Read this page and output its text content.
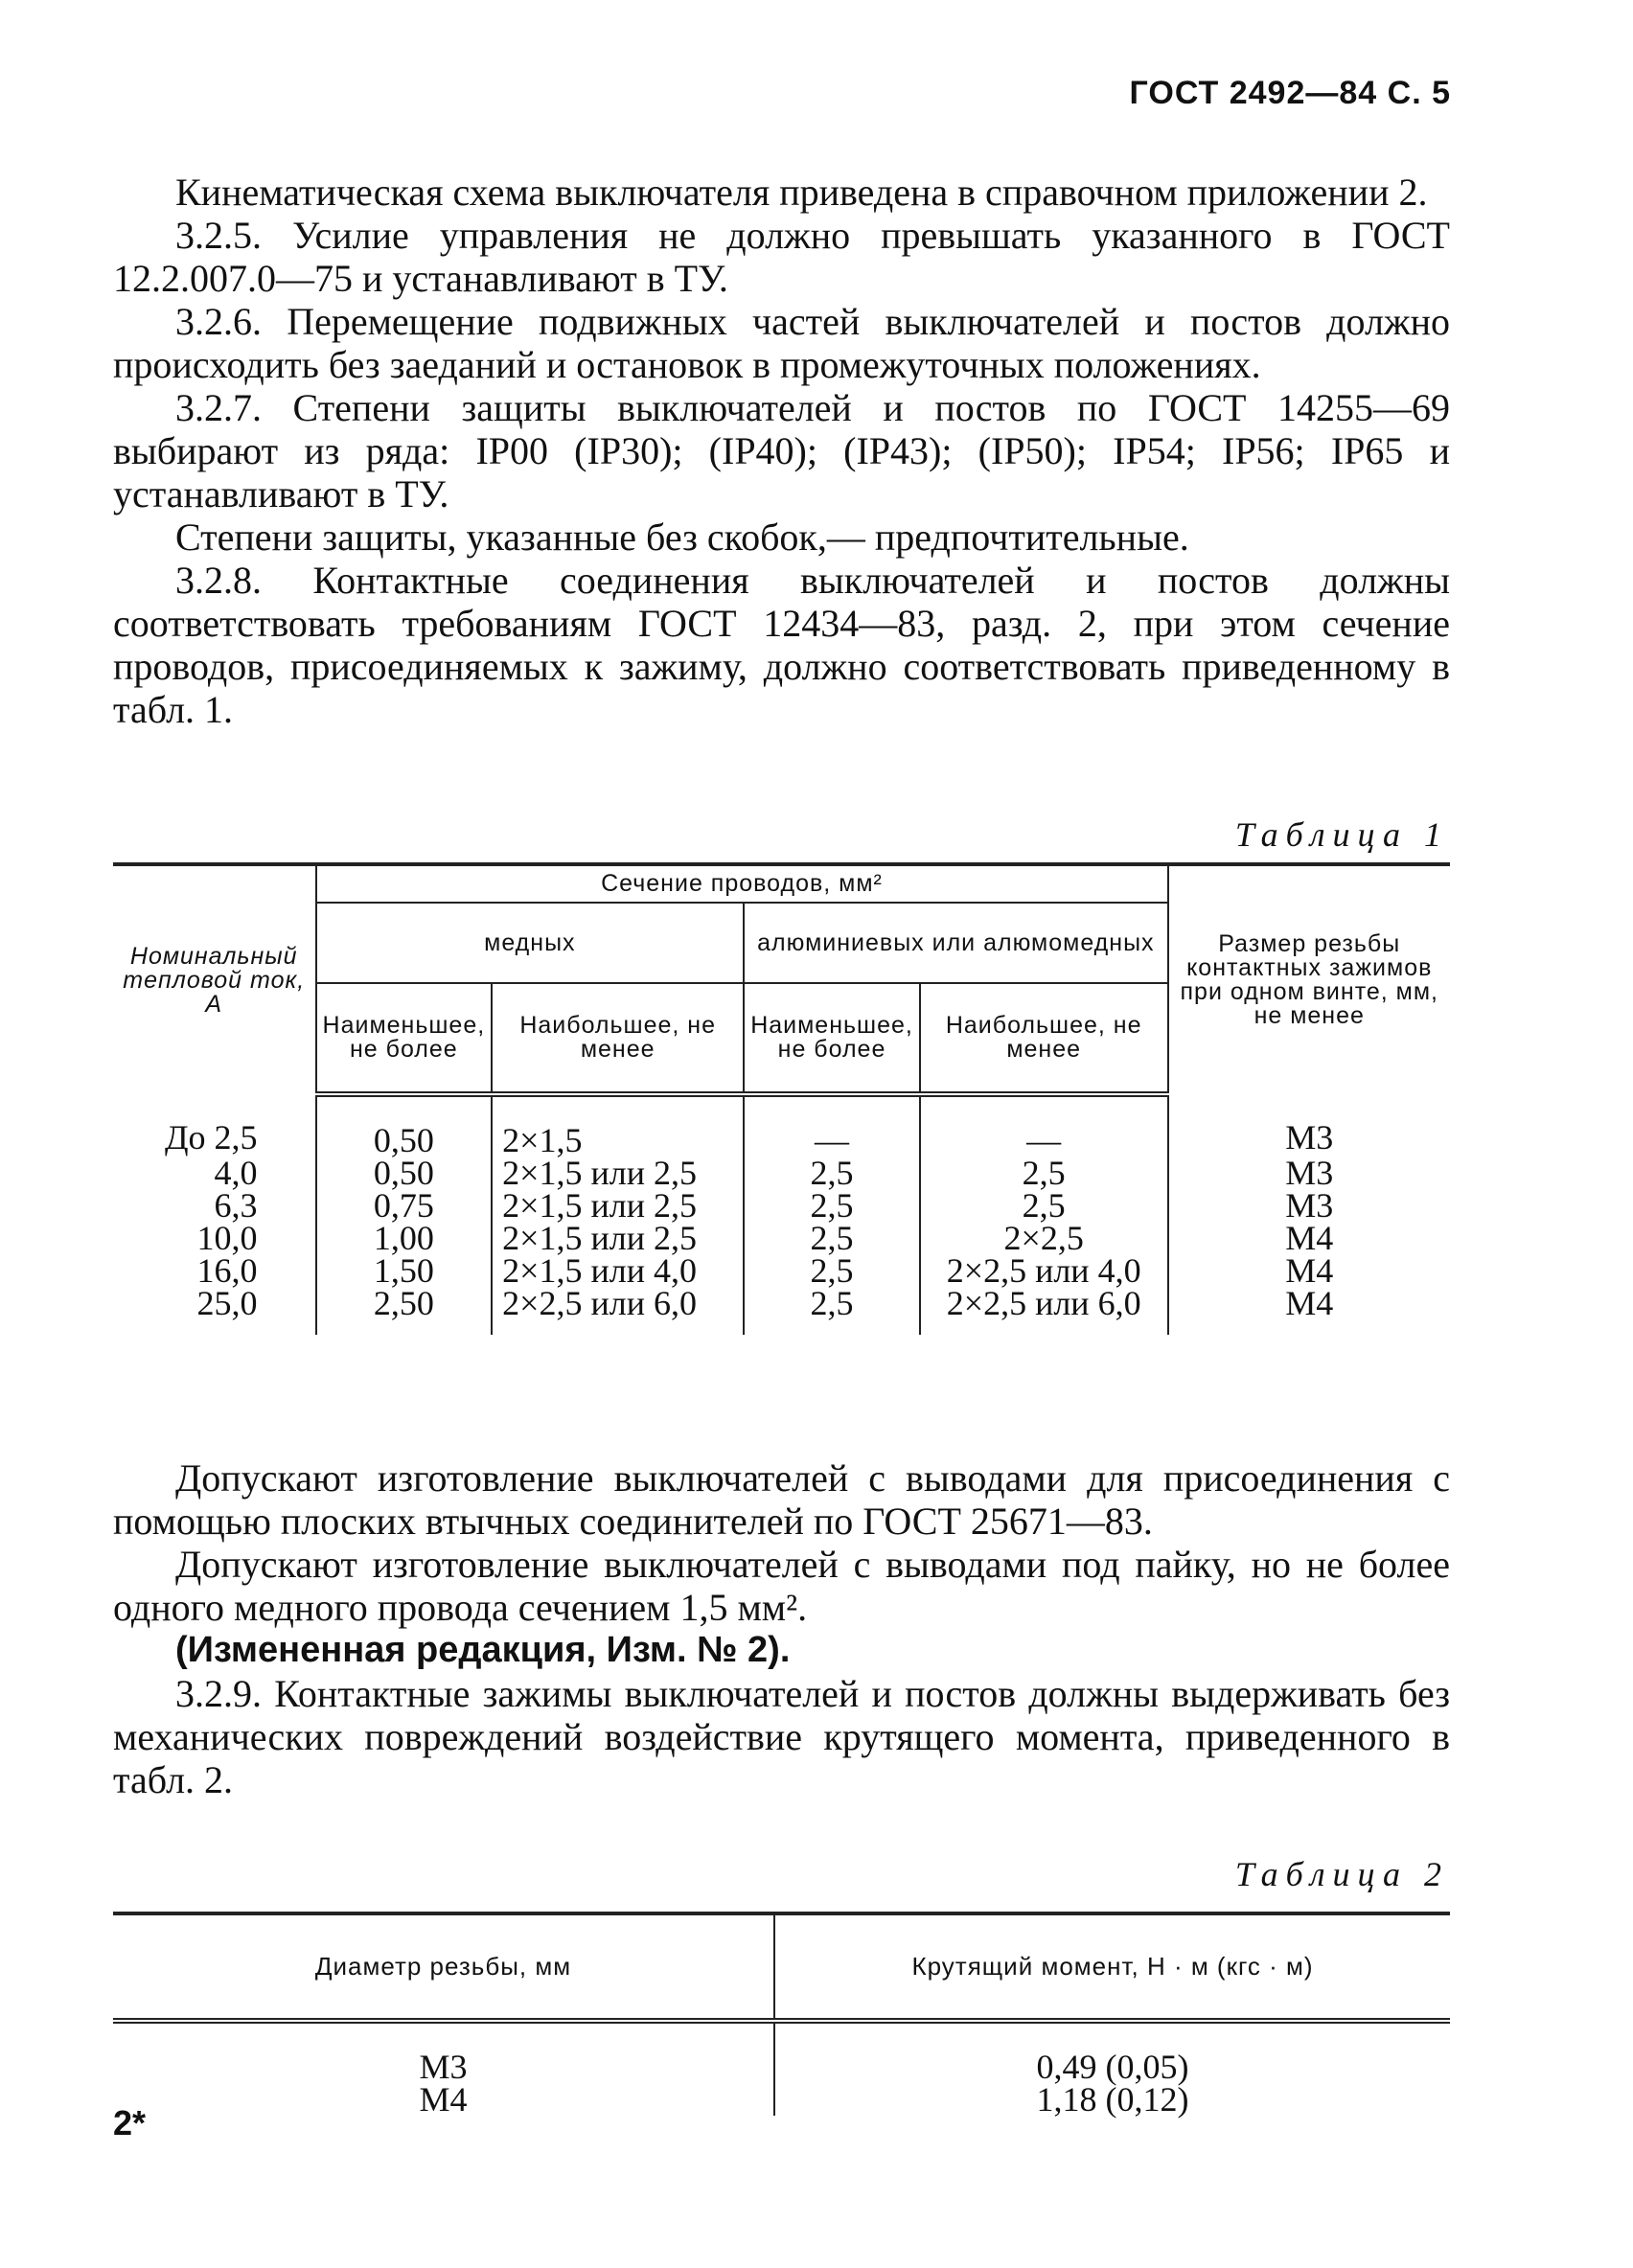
ГОСТ 2492—84 С. 5

Кинематическая схема выключателя приведена в справочном приложении 2.

3.2.5. Усилие управления не должно превышать указанного в ГОСТ 12.2.007.0—75 и устанавливают в ТУ.

3.2.6. Перемещение подвижных частей выключателей и постов должно происходить без заеданий и остановок в промежуточных положениях.

3.2.7. Степени защиты выключателей и постов по ГОСТ 14255—69 выбирают из ряда: IP00 (IP30); (IP40); (IP43); (IP50); IP54; IP56; IP65 и устанавливают в ТУ.

Степени защиты, указанные без скобок,— предпочтительные.

3.2.8. Контактные соединения выключателей и постов должны соответствовать требованиям ГОСТ 12434—83, разд. 2, при этом сечение проводов, присоединяемых к зажиму, должно соответствовать приведенному в табл. 1.

Таблица 1
Номинальный тепловой ток, А	Сечение проводов, мм²				Размер резьбы контактных зажимов при одном винте, мм, не менее
	медных		алюминиевых или алюмомедных		
	Наименьшее, не более	Наибольшее, не менее	Наименьшее, не более	Наибольшее, не менее	
До 2,5	0,50	2×1,5	—	—	М3
4,0	0,50	2×1,5 или 2,5	2,5	2,5	М3
6,3	0,75	2×1,5 или 2,5	2,5	2,5	М3
10,0	1,00	2×1,5 или 2,5	2,5	2×2,5	М4
16,0	1,50	2×1,5 или 4,0	2,5	2×2,5 или 4,0	М4
25,0	2,50	2×2,5 или 6,0	2,5	2×2,5 или 6,0	М4

Допускают изготовление выключателей с выводами для присоединения с помощью плоских втычных соединителей по ГОСТ 25671—83.

Допускают изготовление выключателей с выводами под пайку, но не более одного медного провода сечением 1,5 мм².

(Измененная редакция, Изм. № 2).

3.2.9. Контактные зажимы выключателей и постов должны выдерживать без механических повреждений воздействие крутящего момента, приведенного в табл. 2.

Таблица 2
Диаметр резьбы, мм	Крутящий момент, Н · м (кгс · м)
М3	0,49 (0,05)
М4	1,18 (0,12)
2*
